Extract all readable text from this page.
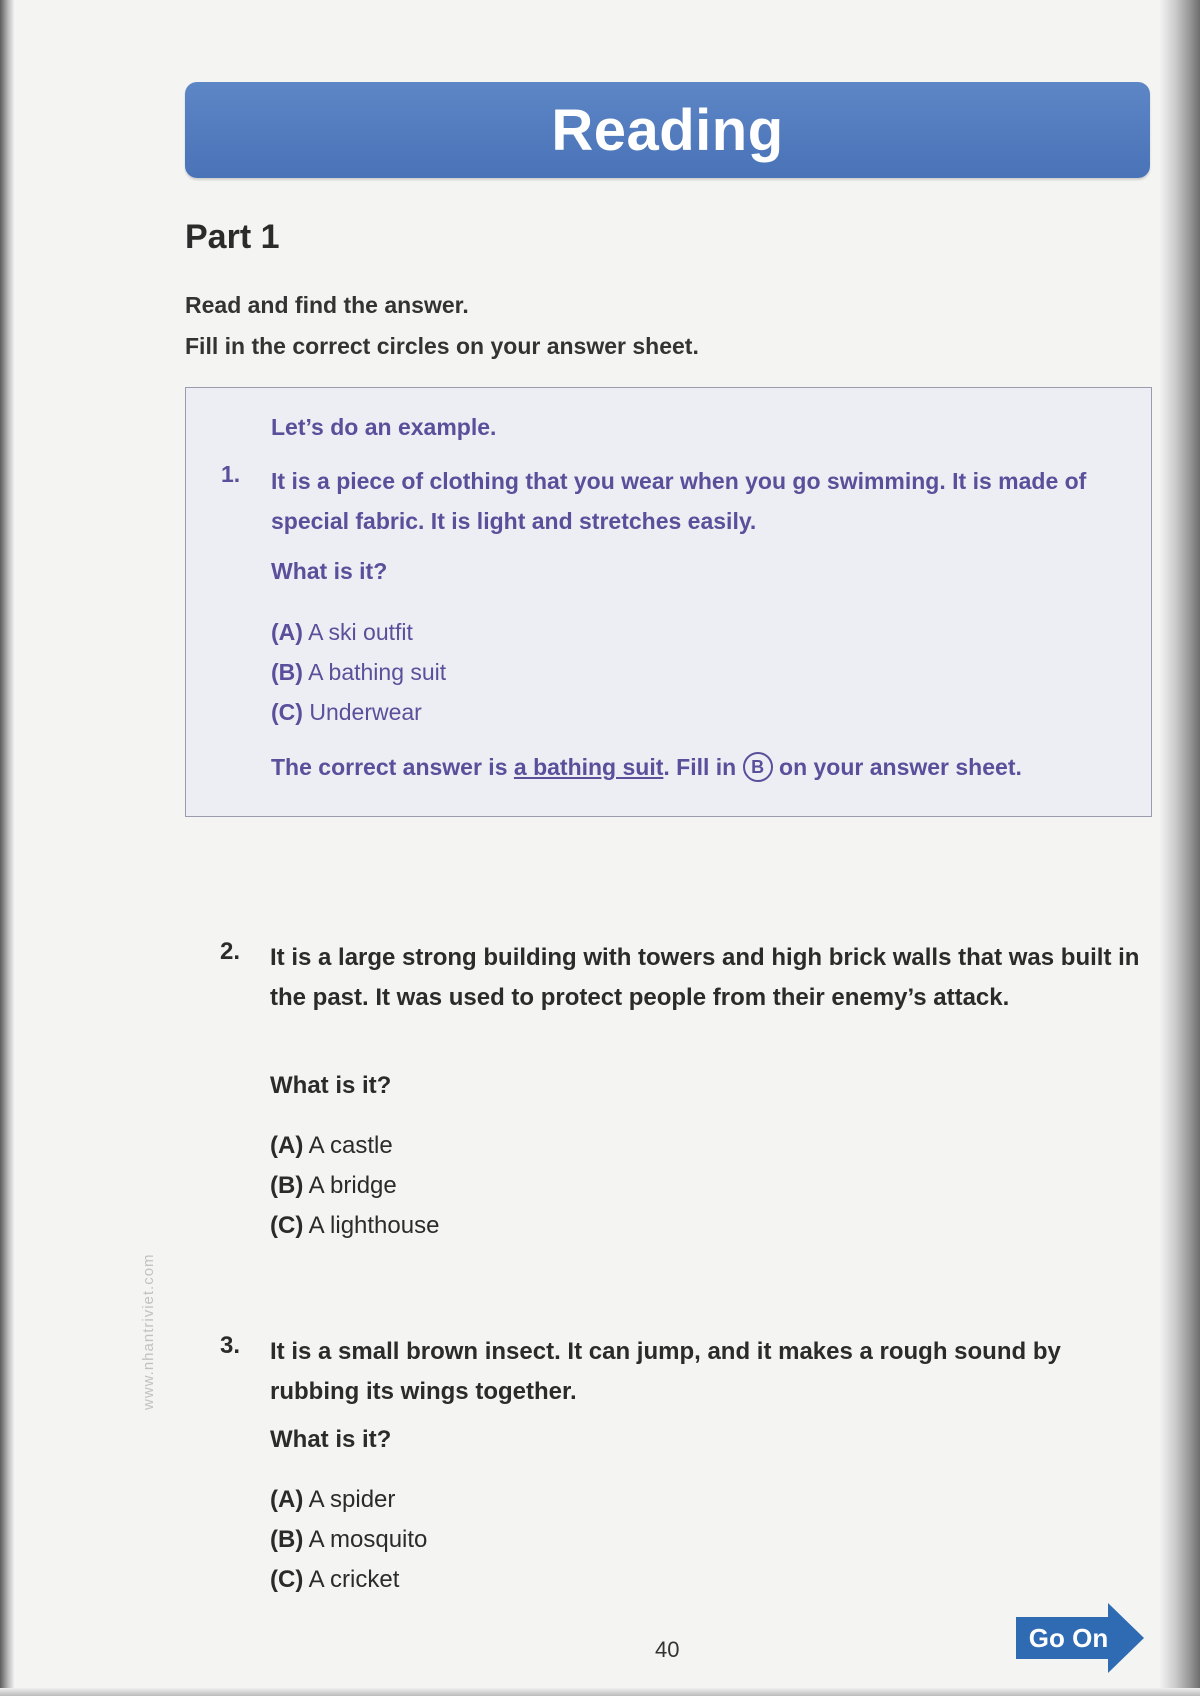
Reading
Part 1
Read and find the answer.
Fill in the correct circles on your answer sheet.
Let’s do an example.
1. It is a piece of clothing that you wear when you go swimming. It is made of special fabric. It is light and stretches easily.
What is it?
(A) A ski outfit
(B) A bathing suit
(C) Underwear
The correct answer is a bathing suit. Fill in B on your answer sheet.
2. It is a large strong building with towers and high brick walls that was built in the past. It was used to protect people from their enemy’s attack.
What is it?
(A) A castle
(B) A bridge
(C) A lighthouse
3. It is a small brown insect. It can jump, and it makes a rough sound by rubbing its wings together.
What is it?
(A) A spider
(B) A mosquito
(C) A cricket
www.nhantriviet.com
40	Go On
